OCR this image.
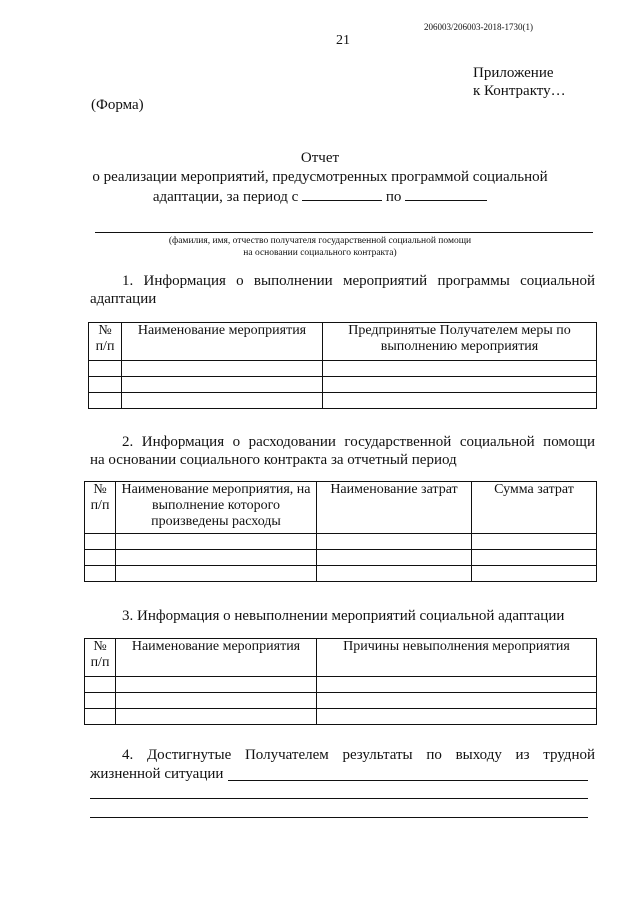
206003/206003-2018-1730(1)
21
Приложение
к Контракту…
(Форма)
Отчет
о реализации мероприятий, предусмотренных программой социальной
адаптации, за период с	по
(фамилия, имя, отчество получателя государственной социальной помощи
на основании социального контракта)
1. Информация о выполнении мероприятий программы социальной
адаптации
№ п/п	Наименование мероприятия	Предпринятые Получателем меры по выполнению мероприятия

2. Информация о расходовании государственной социальной помощи
на основании социального контракта за отчетный период
№ п/п	Наименование мероприятия, на выполнение которого произведены расходы	Наименование затрат	Сумма затрат

3. Информация о невыполнении мероприятий социальной адаптации
№ п/п	Наименование мероприятия	Причины невыполнения мероприятия

4. Достигнутые Получателем результаты по выходу из трудной
жизненной ситуации
